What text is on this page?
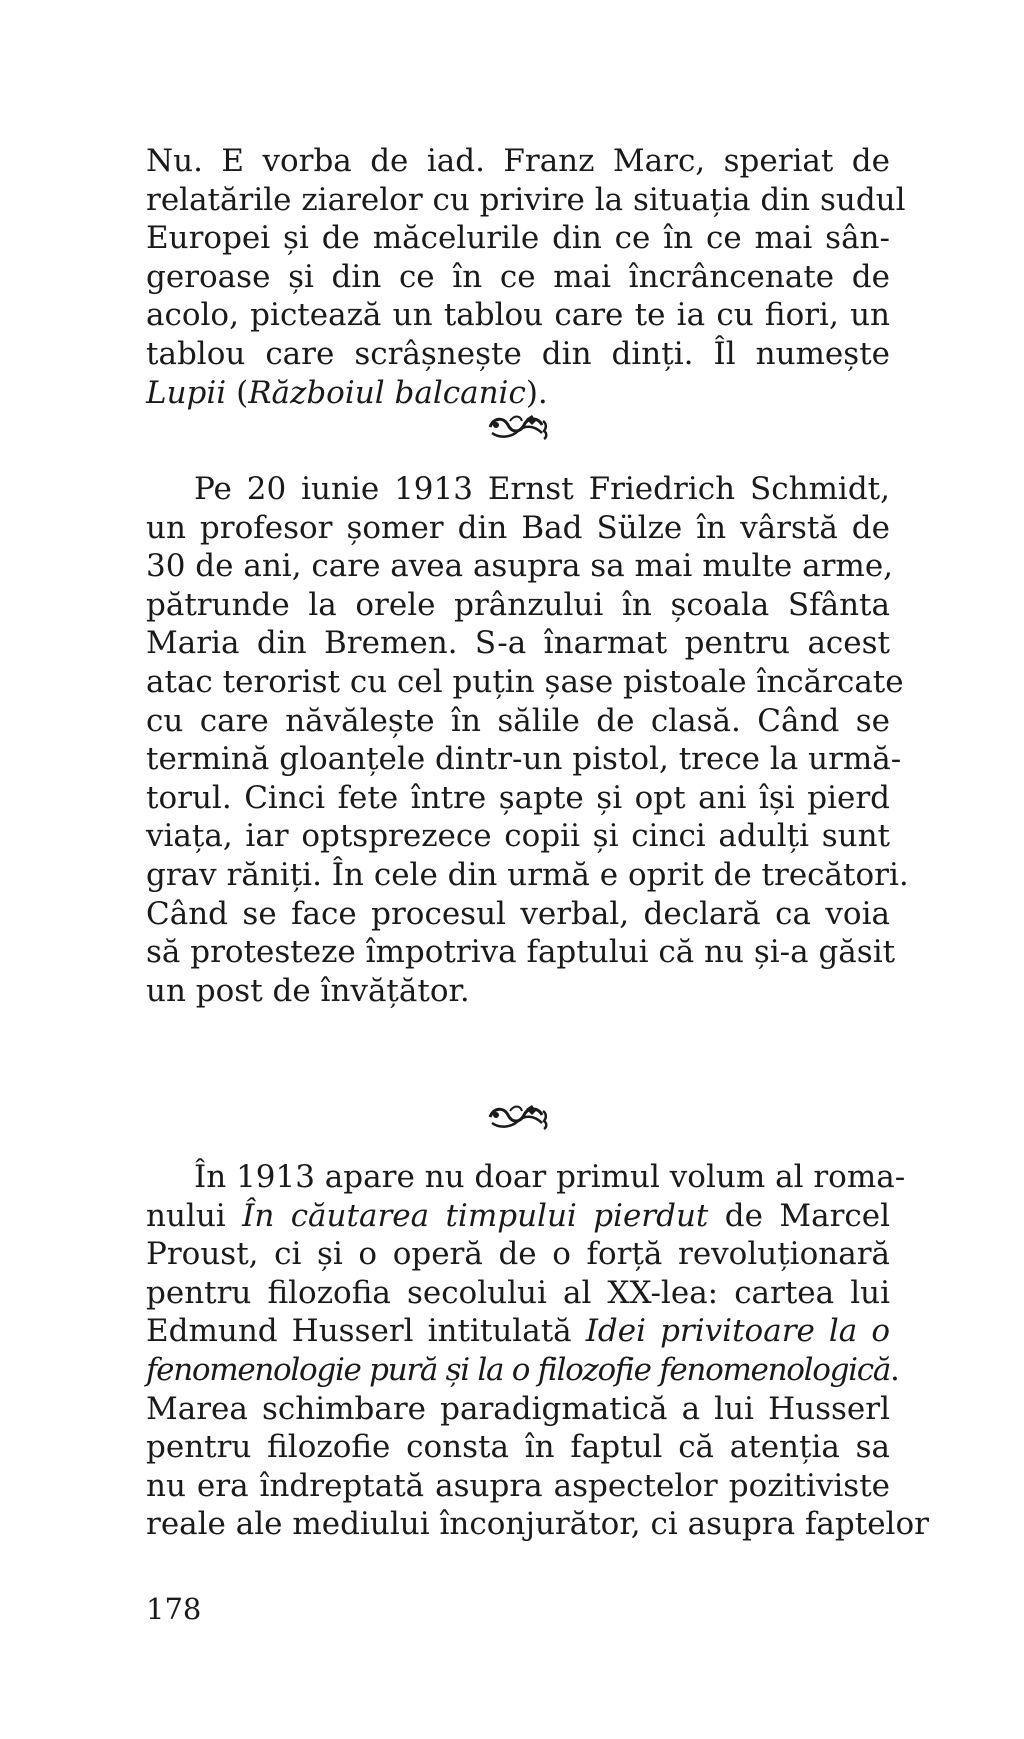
Nu. E vorba de iad. Franz Marc, speriat de
relatările ziarelor cu privire la situația din sudul
Europei și de măcelurile din ce în ce mai sân-
geroase și din ce în ce mai încrâncenate de
acolo, pictează un tablou care te ia cu fiori, un
tablou care scrâșnește din dinți. Îl numește
Lupii (Războiul balcanic).
Pe 20 iunie 1913 Ernst Friedrich Schmidt,
un profesor șomer din Bad Sülze în vârstă de
30 de ani, care avea asupra sa mai multe arme,
pătrunde la orele prânzului în școala Sfânta
Maria din Bremen. S-a înarmat pentru acest
atac terorist cu cel puțin șase pistoale încărcate
cu care năvălește în sălile de clasă. Când se
termină gloanțele dintr-un pistol, trece la urmă-
torul. Cinci fete între șapte și opt ani își pierd
viața, iar optsprezece copii și cinci adulți sunt
grav răniți. În cele din urmă e oprit de trecători.
Când se face procesul verbal, declară ca voia
să protesteze împotriva faptului că nu și-a găsit
un post de învățător.
În 1913 apare nu doar primul volum al roma-
nului În căutarea timpului pierdut de Marcel
Proust, ci și o operă de o forță revoluționară
pentru filozofia secolului al XX-lea: cartea lui
Edmund Husserl intitulată Idei privitoare la o
fenomenologie pură și la o filozofie fenomenologică.
Marea schimbare paradigmatică a lui Husserl
pentru filozofie consta în faptul că atenția sa
nu era îndreptată asupra aspectelor pozitiviste
reale ale mediului înconjurător, ci asupra faptelor
178
